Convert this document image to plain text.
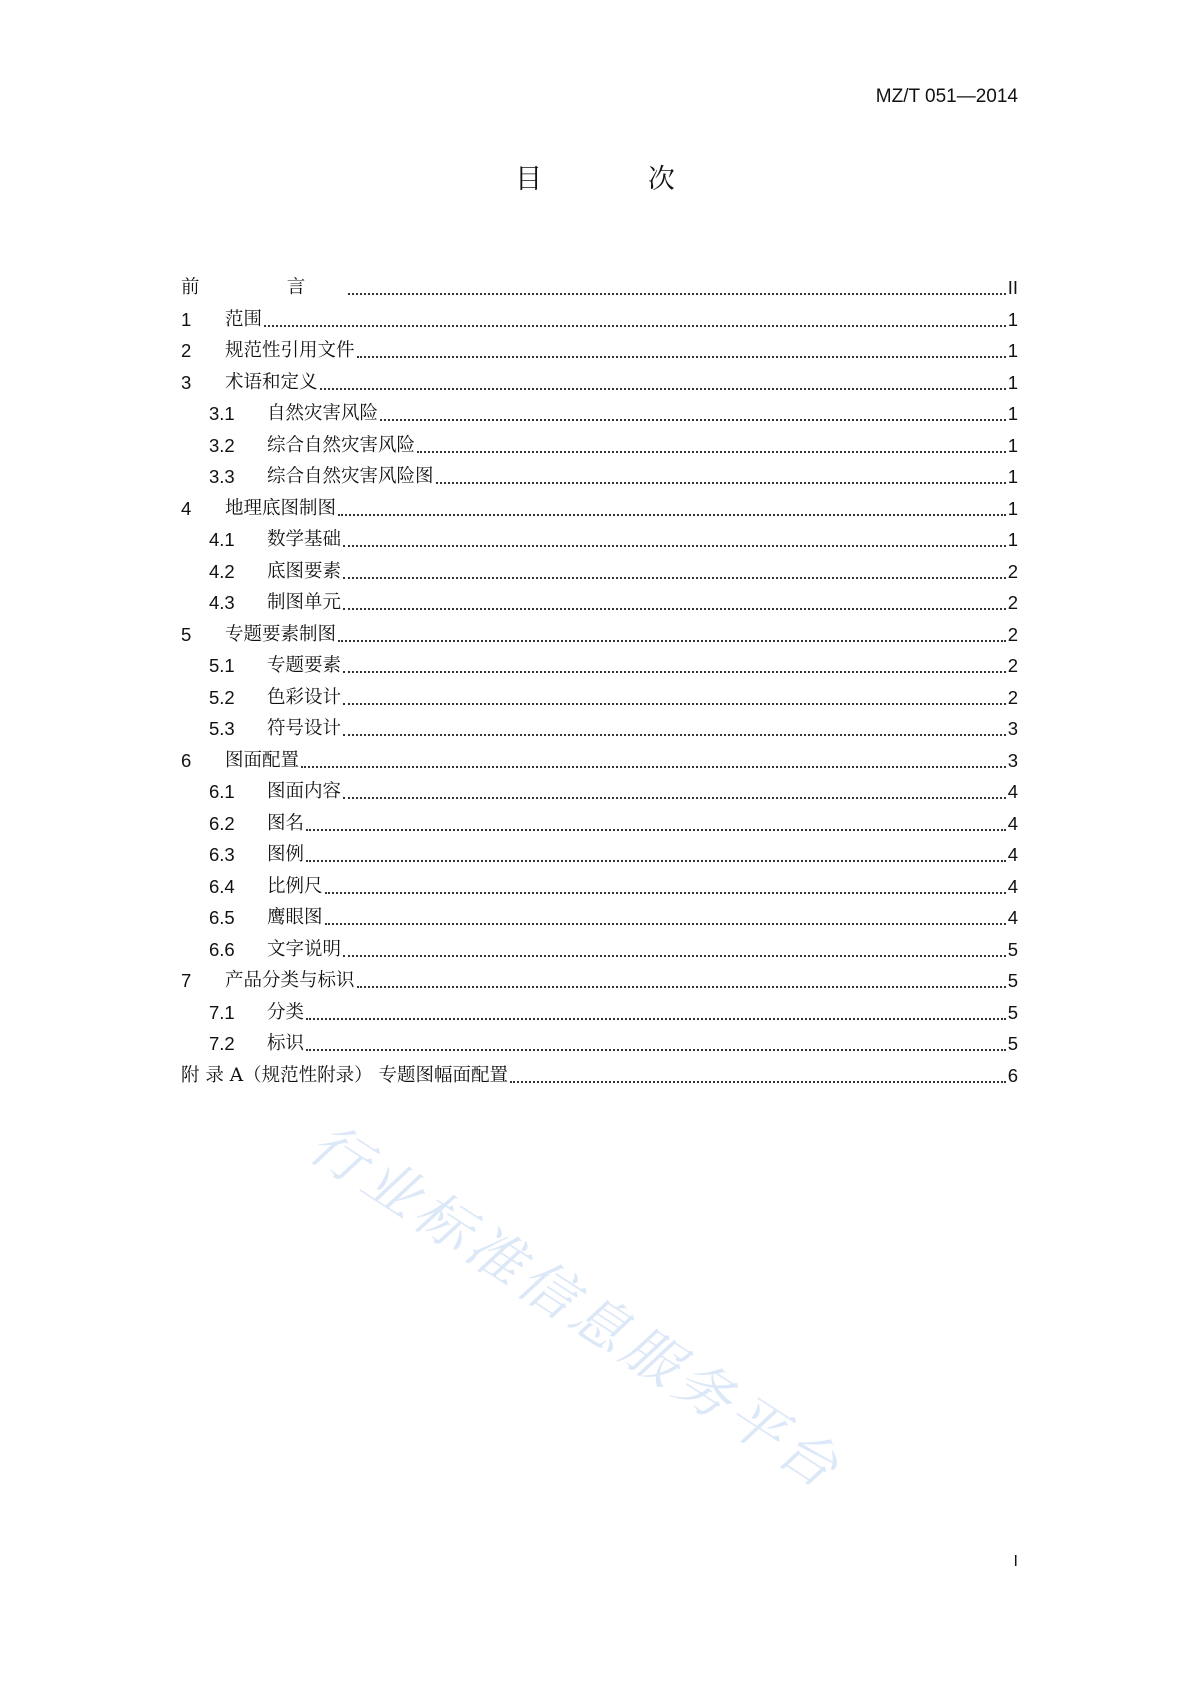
MZ/T 051—2014
目 次
前 言	II
1	范围	1
2	规范性引用文件	1
3	术语和定义	1
3.1	自然灾害风险	1
3.2	综合自然灾害风险	1
3.3	综合自然灾害风险图	1
4	地理底图制图	1
4.1	数学基础	1
4.2	底图要素	2
4.3	制图单元	2
5	专题要素制图	2
5.1	专题要素	2
5.2	色彩设计	2
5.3	符号设计	3
6	图面配置	3
6.1	图面内容	4
6.2	图名	4
6.3	图例	4
6.4	比例尺	4
6.5	鹰眼图	4
6.6	文字说明	5
7	产品分类与标识	5
7.1	分类	5
7.2	标识	5
附 录 A（规范性附录） 专题图幅面配置	6
I
行业标准信息服务平台
